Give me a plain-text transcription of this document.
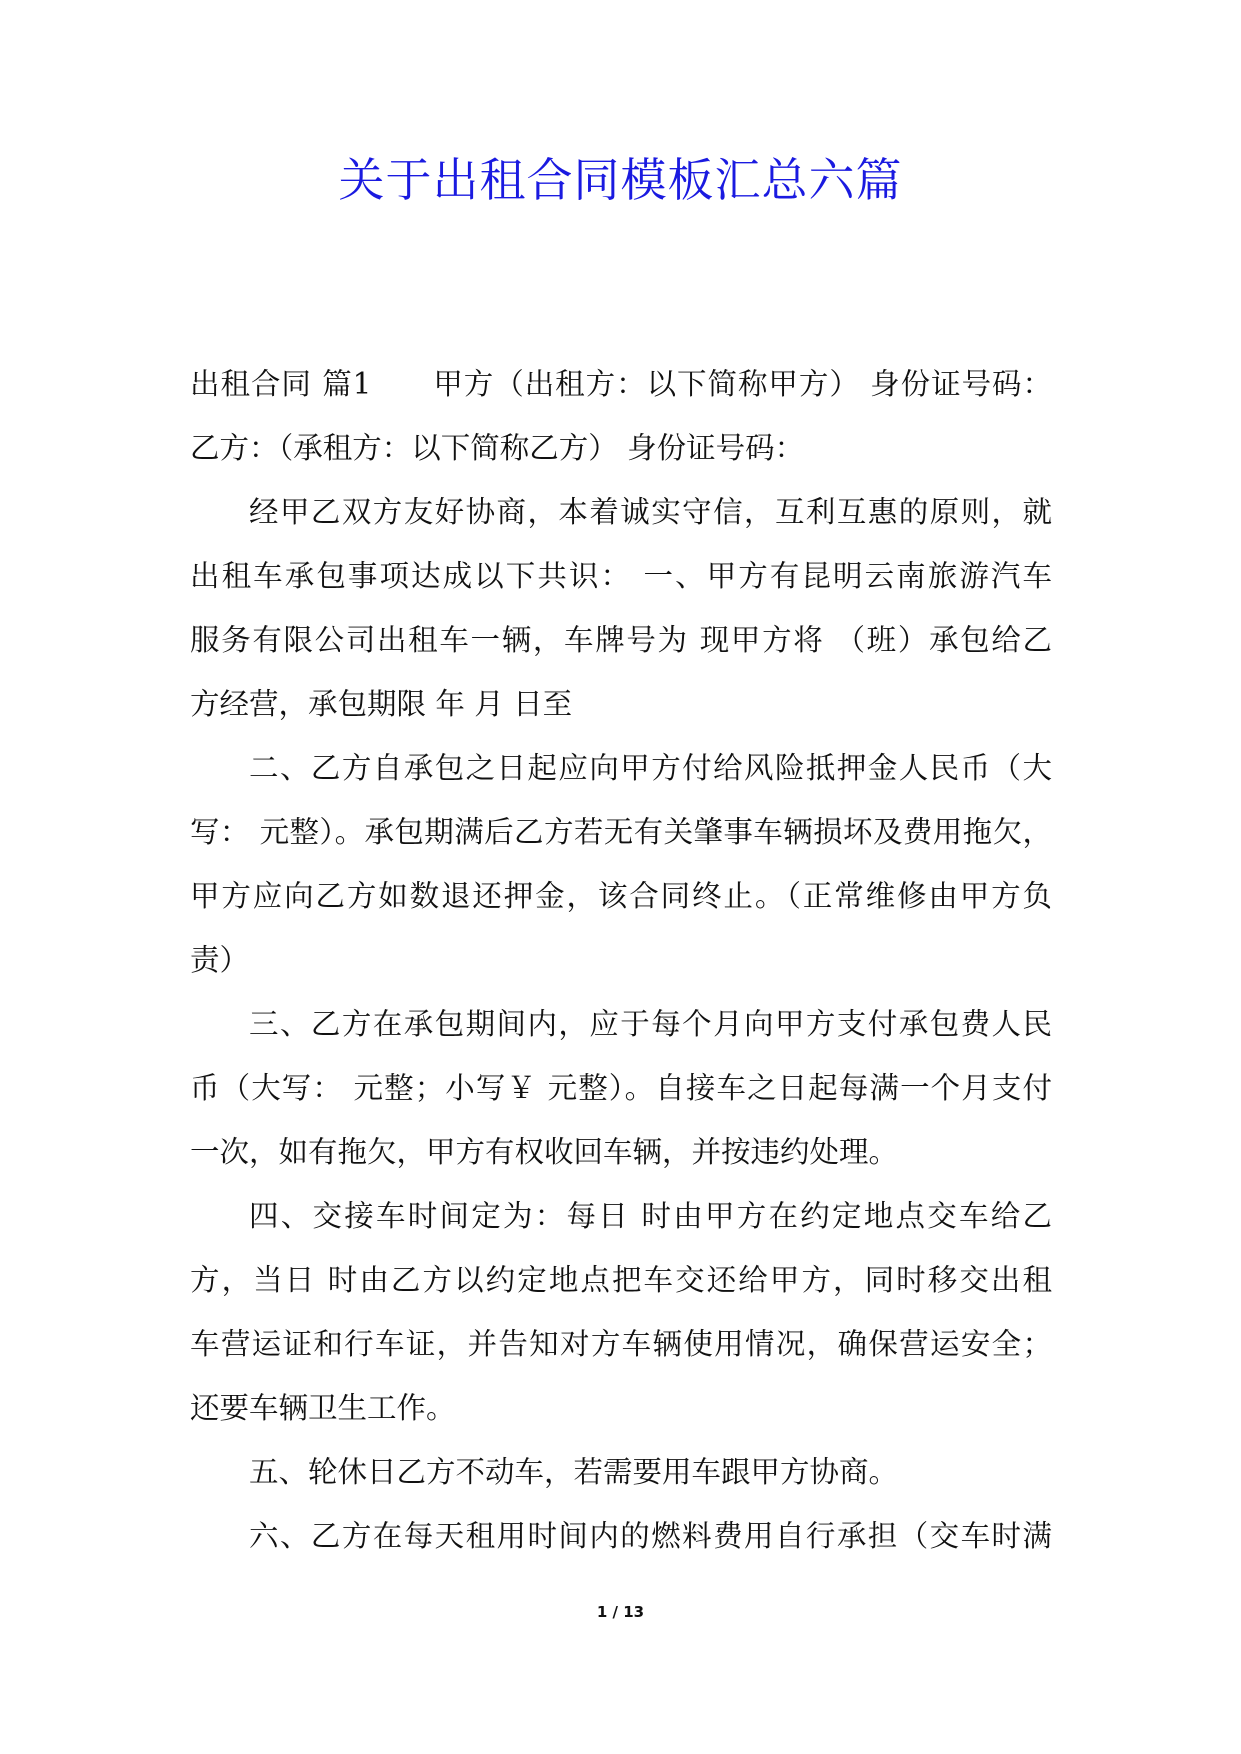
关于出租合同模板汇总六篇
出租合同 篇1　　甲方（出租方：以下简称甲方） 身份证号码：
乙方：（承租方：以下简称乙方） 身份证号码：
经甲乙双方友好协商，本着诚实守信，互利互惠的原则，就
出租车承包事项达成以下共识： 一、甲方有昆明云南旅游汽车
服务有限公司出租车一辆，车牌号为 现甲方将 （班）承包给乙
方经营，承包期限 年 月 日至
二、乙方自承包之日起应向甲方付给风险抵押金人民币（大
写： 元整）。承包期满后乙方若无有关肇事车辆损坏及费用拖欠，
甲方应向乙方如数退还押金，该合同终止。（正常维修由甲方负
责）
三、乙方在承包期间内，应于每个月向甲方支付承包费人民
币（大写： 元整；小写￥ 元整）。自接车之日起每满一个月支付
一次，如有拖欠，甲方有权收回车辆，并按违约处理。
四、交接车时间定为：每日 时由甲方在约定地点交车给乙
方，当日 时由乙方以约定地点把车交还给甲方，同时移交出租
车营运证和行车证，并告知对方车辆使用情况，确保营运安全；
还要车辆卫生工作。
五、轮休日乙方不动车，若需要用车跟甲方协商。
六、乙方在每天租用时间内的燃料费用自行承担（交车时满
1 / 13
